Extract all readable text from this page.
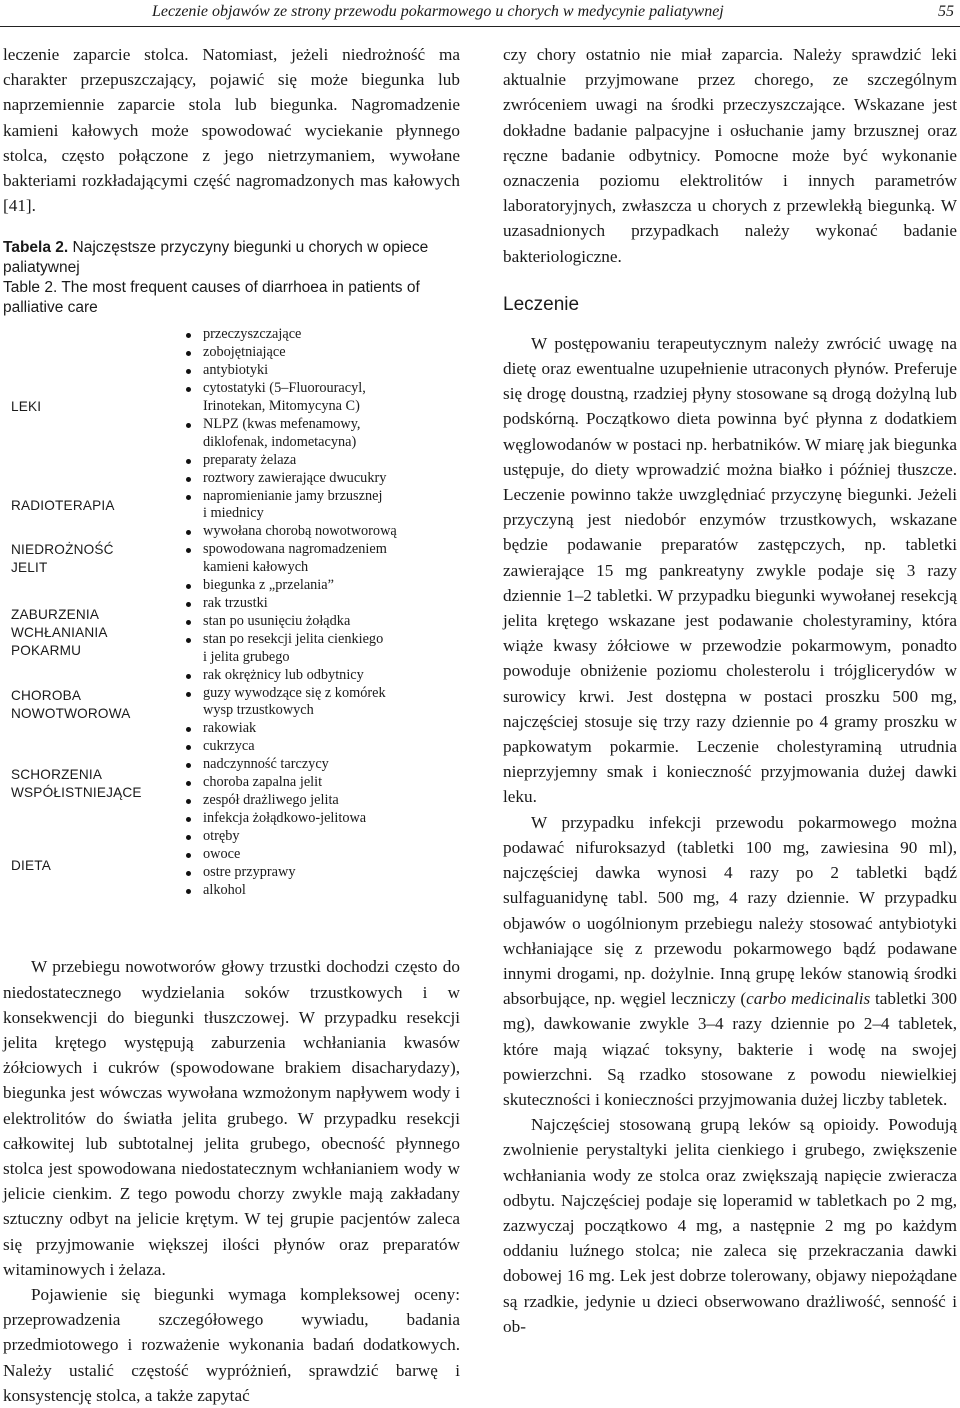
Leczenie objawów ze strony przewodu pokarmowego u chorych w medycynie paliatywnej	55

leczenie zaparcie stolca. Natomiast, jeżeli niedrożność ma charakter przepuszczający, pojawić się może biegunka lub naprzemiennie zaparcie stola lub biegunka. Nagromadzenie kamieni kałowych może spowodować wyciekanie płynnego stolca, często połączone z jego nietrzymaniem, wywołane bakteriami rozkładającymi część nagromadzonych mas kałowych [41].

Tabela 2. Najczęstsze przyczyny biegunki u chorych w opiece paliatywnej
Table 2. The most frequent causes of diarrhoea in patients of palliative care
LEKI
RADIOTERAPIA
NIEDROŻNOŚĆ
JELIT
ZABURZENIA
WCHŁANIANIA
POKARMU
CHOROBA
NOWOTWOROWA
SCHORZENIA
WSPÓŁISTNIEJĄCE
DIETA
przeczyszczające
zobojętniające
antybiotyki
cytostatyki (5–Fluorouracyl,
Irinotekan, Mitomycyna C)
NLPZ (kwas mefenamowy,
diklofenak, indometacyna)
preparaty żelaza
roztwory zawierające dwucukry
napromienianie jamy brzusznej
i miednicy
wywołana chorobą nowotworową
spowodowana nagromadzeniem
kamieni kałowych
biegunka z „przelania”
rak trzustki
stan po usunięciu żołądka
stan po resekcji jelita cienkiego
i jelita grubego
rak okrężnicy lub odbytnicy
guzy wywodzące się z komórek
wysp trzustkowych
rakowiak
cukrzyca
nadczynność tarczycy
choroba zapalna jelit
zespół drażliwego jelita
infekcja żołądkowo-jelitowa
otręby
owoce
ostre przyprawy
alkohol

W przebiegu nowotworów głowy trzustki dochodzi często do niedostatecznego wydzielania soków trzustkowych i w konsekwencji do biegunki tłuszczowej. W przypadku resekcji jelita krętego występują zaburzenia wchłaniania kwasów żółciowych i cukrów (spowodowane brakiem disacharydazy), biegunka jest wówczas wywołana wzmożonym napływem wody i elektrolitów do światła jelita grubego. W przypadku resekcji całkowitej lub subtotalnej jelita grubego, obecność płynnego stolca jest spowodowana niedostatecznym wchłanianiem wody w jelicie cienkim. Z tego powodu chorzy zwykle mają zakładany sztuczny odbyt na jelicie krętym. W tej grupie pacjentów zaleca się przyjmowanie większej ilości płynów oraz preparatów witaminowych i żelaza.

Pojawienie się biegunki wymaga kompleksowej oceny: przeprowadzenia szczegółowego wywiadu, badania przedmiotowego i rozważenie wykonania badań dodatkowych. Należy ustalić częstość wypróżnień, sprawdzić barwę i konsystencję stolca, a także zapytać

czy chory ostatnio nie miał zaparcia. Należy sprawdzić leki aktualnie przyjmowane przez chorego, ze szczególnym zwróceniem uwagi na środki przeczyszczające. Wskazane jest dokładne badanie palpacyjne i osłuchanie jamy brzusznej oraz ręczne badanie odbytnicy. Pomocne może być wykonanie oznaczenia poziomu elektrolitów i innych parametrów laboratoryjnych, zwłaszcza u chorych z przewlekłą biegunką. W uzasadnionych przypadkach należy wykonać badanie bakteriologiczne.

Leczenie

W postępowaniu terapeutycznym należy zwrócić uwagę na dietę oraz ewentualne uzupełnienie utraconych płynów. Preferuje się drogę doustną, rzadziej płyny stosowane są drogą dożylną lub podskórną. Początkowo dieta powinna być płynna z dodatkiem węglowodanów w postaci np. herbatników. W miarę jak biegunka ustępuje, do diety wprowadzić można białko i później tłuszcze. Leczenie powinno także uwzględniać przyczynę biegunki. Jeżeli przyczyną jest niedobór enzymów trzustkowych, wskazane będzie podawanie preparatów zastępczych, np. tabletki zawierające 15 mg pankreatyny zwykle podaje się 3 razy dziennie 1–2 tabletki. W przypadku biegunki wywołanej resekcją jelita krętego wskazane jest podawanie cholestyraminy, która wiąże kwasy żółciowe w przewodzie pokarmowym, ponadto powoduje obniżenie poziomu cholesterolu i trójglicerydów w surowicy krwi. Jest dostępna w postaci proszku 500 mg, najczęściej stosuje się trzy razy dziennie po 4 gramy proszku w papkowatym pokarmie. Leczenie cholestyraminą utrudnia nieprzyjemny smak i konieczność przyjmowania dużej dawki leku.

W przypadku infekcji przewodu pokarmowego można podawać nifuroksazyd (tabletki 100 mg, zawiesina 90 ml), najczęściej dawka wynosi 4 razy po 2 tabletki bądź sulfaguanidynę tabl. 500 mg, 4 razy dziennie. W przypadku objawów o uogólnionym przebiegu należy stosować antybiotyki wchłaniające się z przewodu pokarmowego bądź podawane innymi drogami, np. dożylnie. Inną grupę leków stanowią środki absorbujące, np. węgiel leczniczy (carbo medicinalis tabletki 300 mg), dawkowanie zwykle 3–4 razy dziennie po 2–4 tabletek, które mają wiązać toksyny, bakterie i wodę na swojej powierzchni. Są rzadko stosowane z powodu niewielkiej skuteczności i konieczności przyjmowania dużej liczby tabletek.

Najczęściej stosowaną grupą leków są opioidy. Powodują zwolnienie perystaltyki jelita cienkiego i grubego, zwiększenie wchłaniania wody ze stolca oraz zwiększają napięcie zwieracza odbytu. Najczęściej podaje się loperamid w tabletkach po 2 mg, zazwyczaj początkowo 4 mg, a następnie 2 mg po każdym oddaniu luźnego stolca; nie zaleca się przekraczania dawki dobowej 16 mg. Lek jest dobrze tolerowany, objawy niepożądane są rzadkie, jedynie u dzieci obserwowano drażliwość, senność i ob-
